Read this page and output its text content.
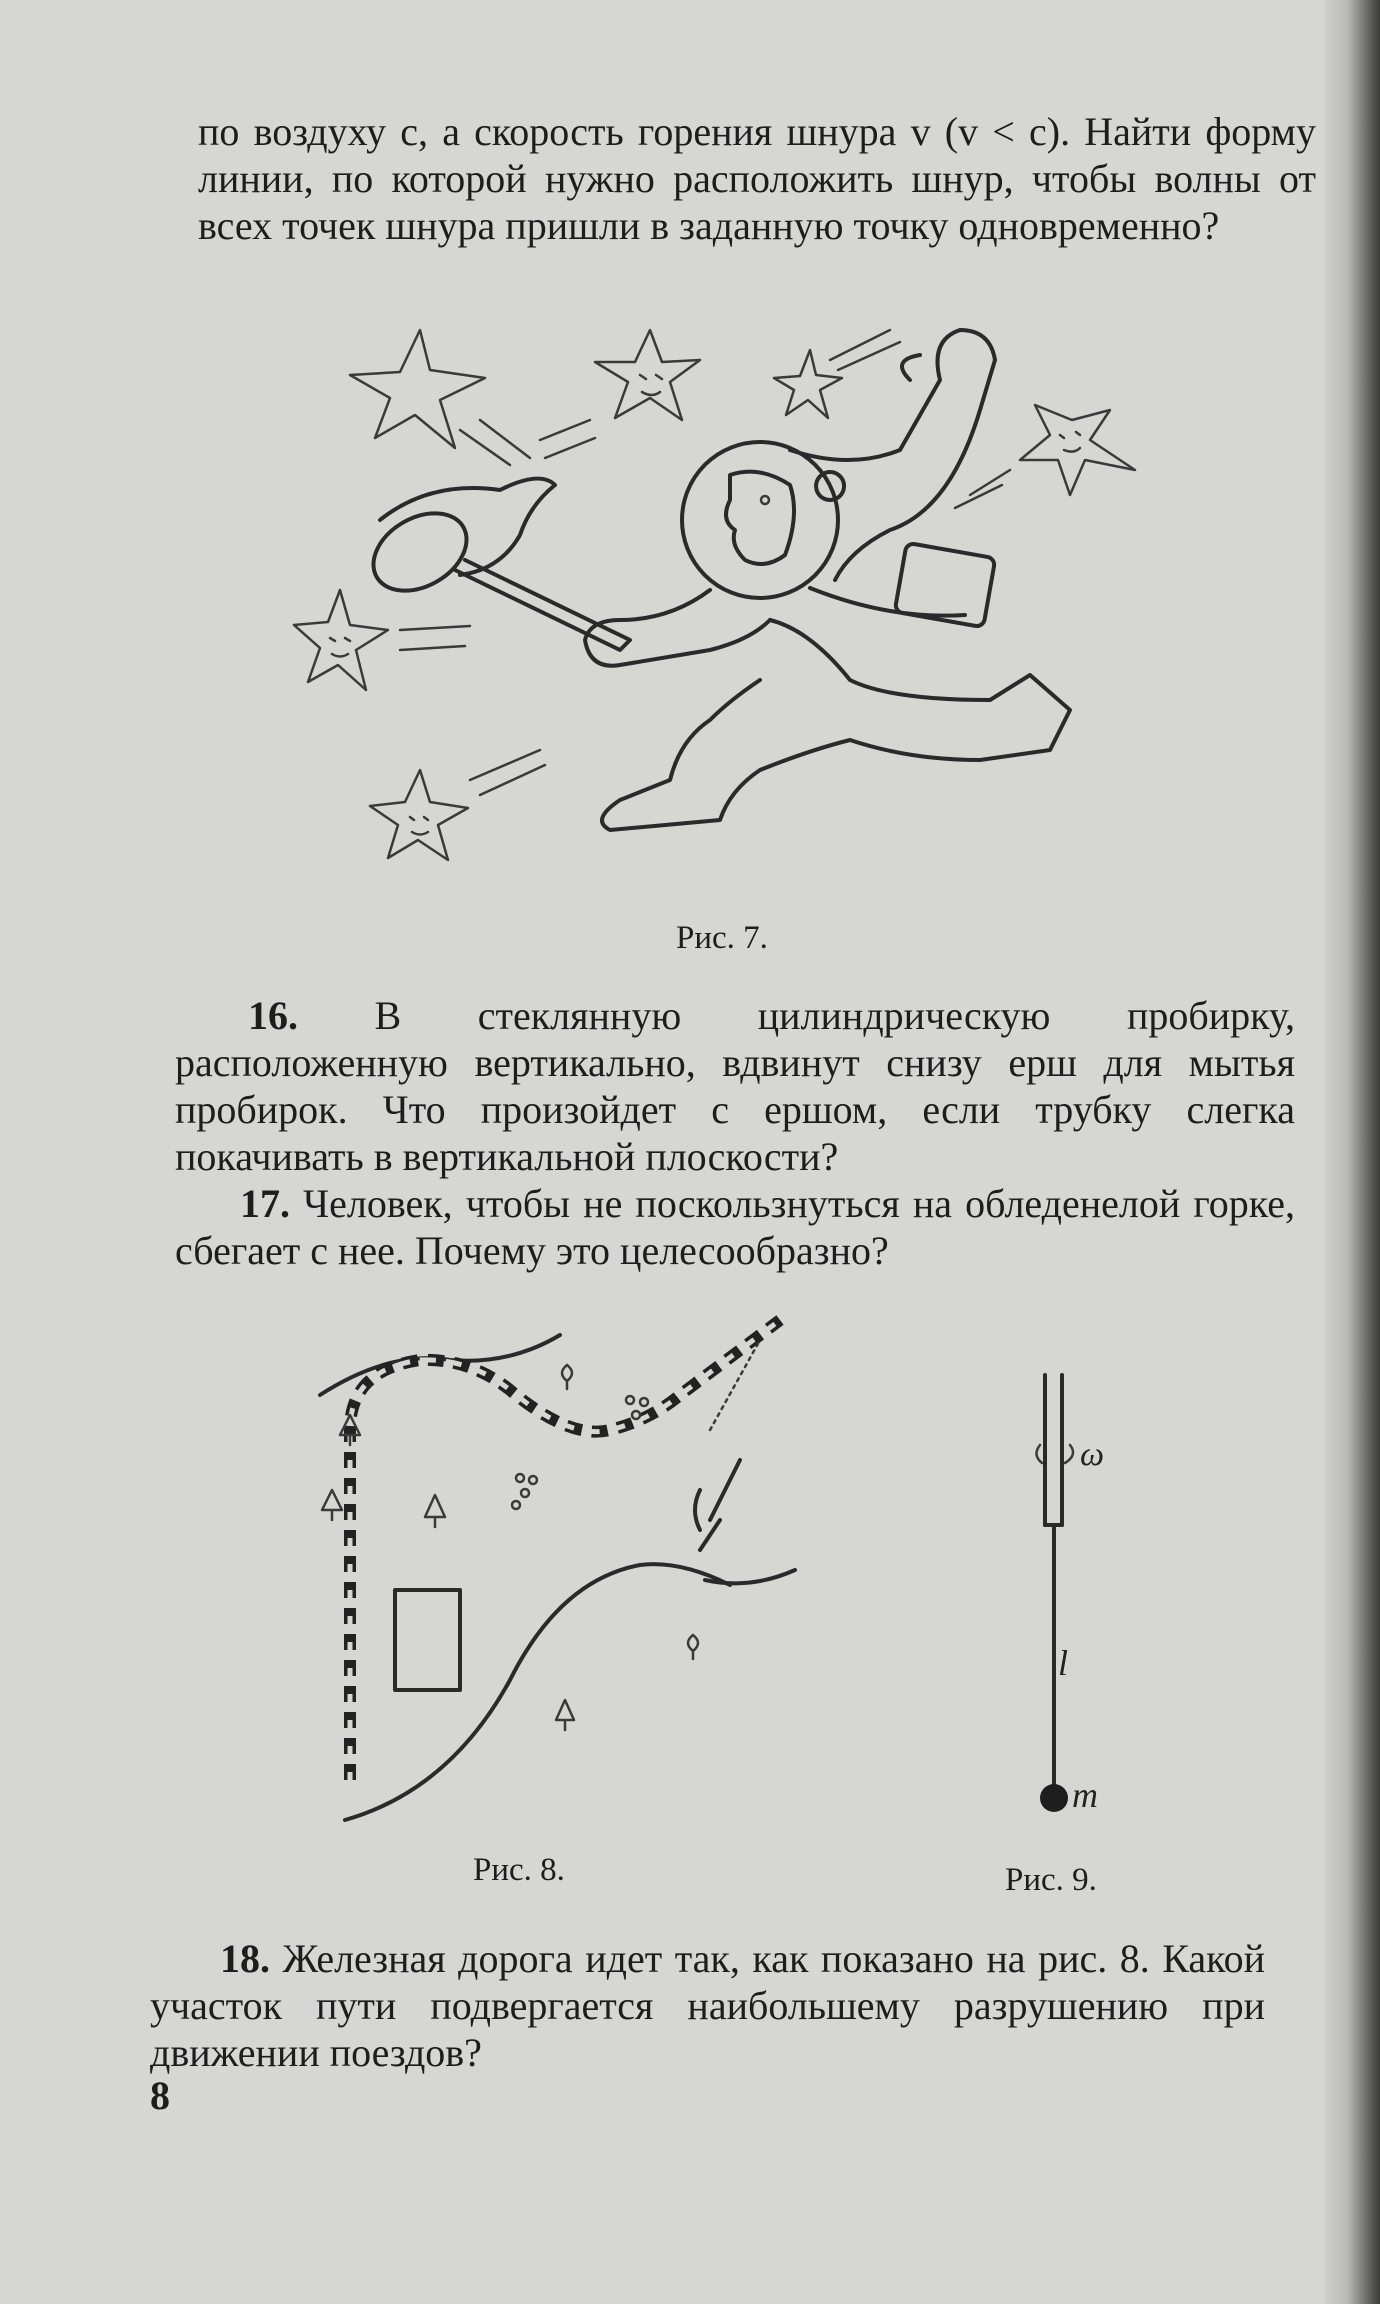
по воздуху c, а скорость горения шнура v (v < c). Найти форму линии, по которой нужно расположить шнур, чтобы волны от всех точек шнура пришли в заданную точку одновременно?

Рис. 7.

16. В стеклянную цилиндрическую пробирку, расположенную вертикально, вдвинут снизу ерш для мытья пробирок. Что произойдет с ершом, если трубку слегка покачивать в вертикальной плоскости?

17. Человек, чтобы не поскользнуться на обледенелой горке, сбегает с нее. Почему это целесообразно?

ω
l
m

Рис. 8.	Рис. 9.

18. Железная дорога идет так, как показано на рис. 8. Какой участок пути подвергается наибольшему разрушению при движении поездов?

8
